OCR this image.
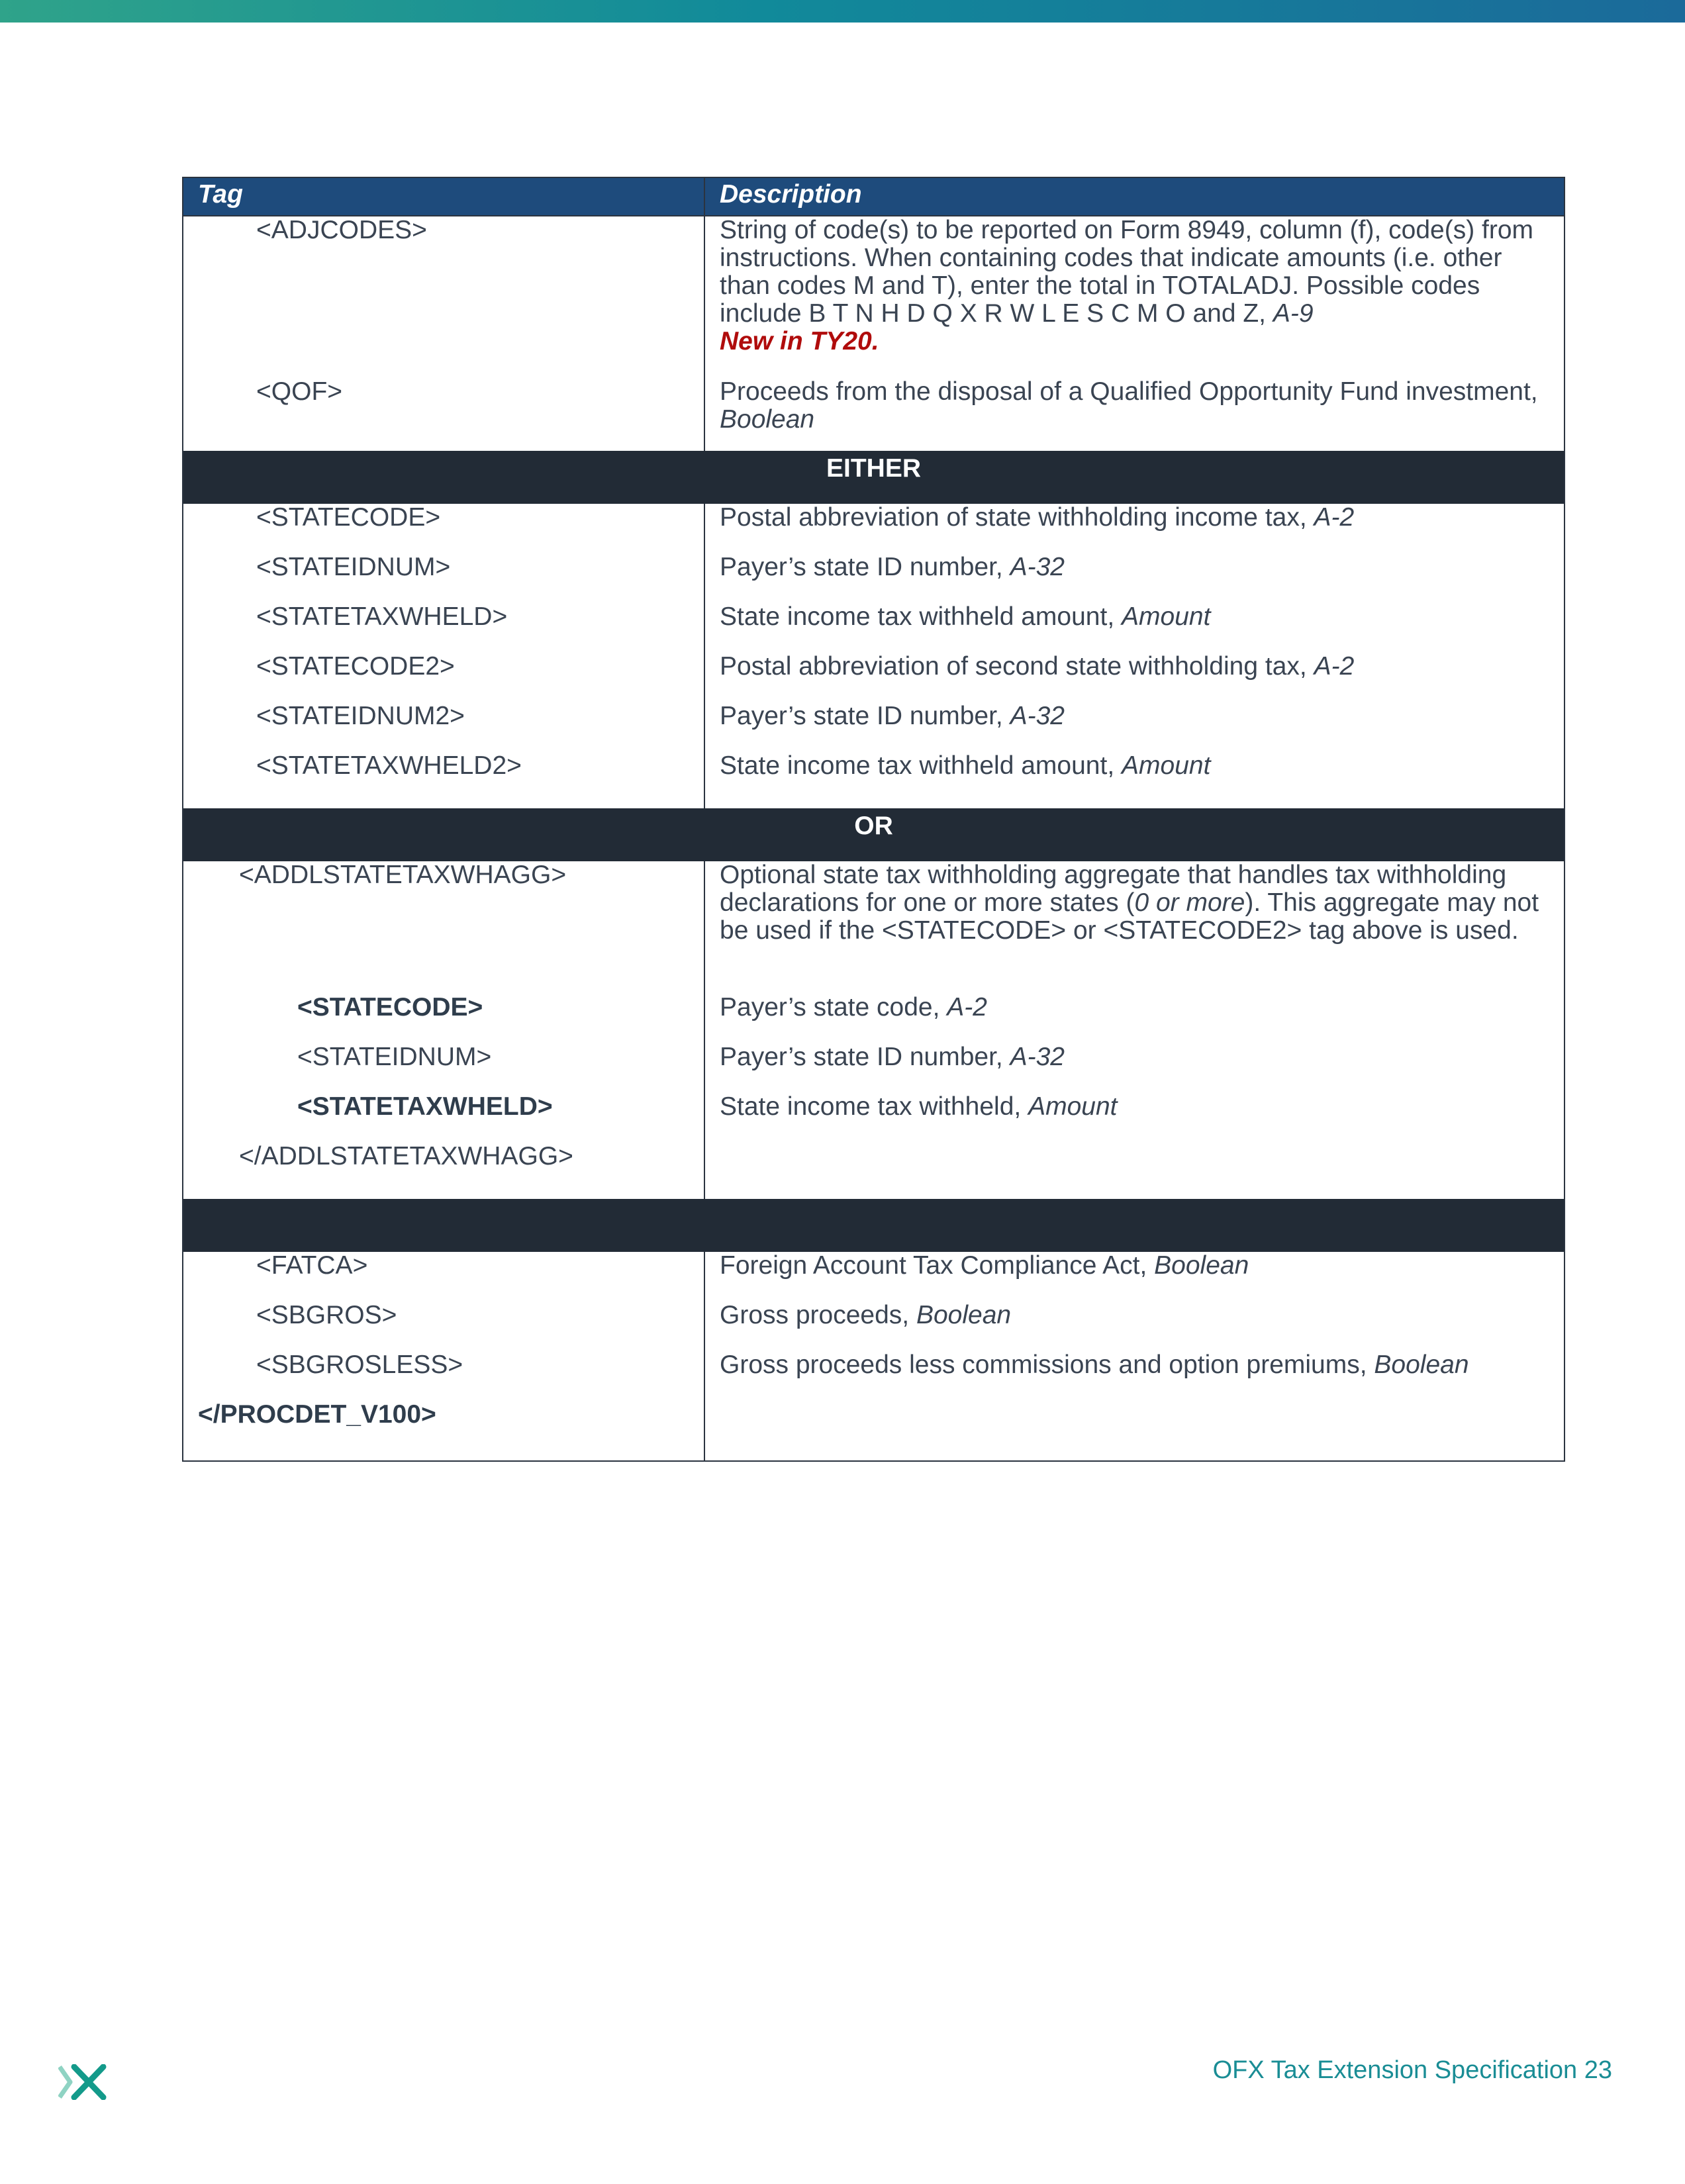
Tag	Description
<ADJCODES>	String of code(s) to be reported on Form 8949, column (f), code(s) from instructions. When containing codes that indicate amounts (i.e. other than codes M and T), enter the total in TOTALADJ. Possible codes include B T N H D Q X R W L E S C M O and Z, A-9
New in TY20.
<QOF>	Proceeds from the disposal of a Qualified Opportunity Fund investment, Boolean
EITHER	
<STATECODE>	Postal abbreviation of state withholding income tax, A-2
<STATEIDNUM>	Payer’s state ID number, A-32
<STATETAXWHELD>	State income tax withheld amount, Amount
<STATECODE2>	Postal abbreviation of second state withholding tax, A-2
<STATEIDNUM2>	Payer’s state ID number, A-32
<STATETAXWHELD2>	State income tax withheld amount, Amount
OR	
<ADDLSTATETAXWHAGG>	Optional state tax withholding aggregate that handles tax withholding declarations for one or more states (0 or more). This aggregate may not be used if the <STATECODE> or <STATECODE2> tag above is used.
<STATECODE>	Payer’s state code, A-2
<STATEIDNUM>	Payer’s state ID number, A-32
<STATETAXWHELD>	State income tax withheld, Amount
</ADDLSTATETAXWHAGG>	

<FATCA>	Foreign Account Tax Compliance Act, Boolean
<SBGROS>	Gross proceeds, Boolean
<SBGROSLESS>	Gross proceeds less commissions and option premiums, Boolean
</PROCDET_V100>	
OFX Tax Extension Specification 23
